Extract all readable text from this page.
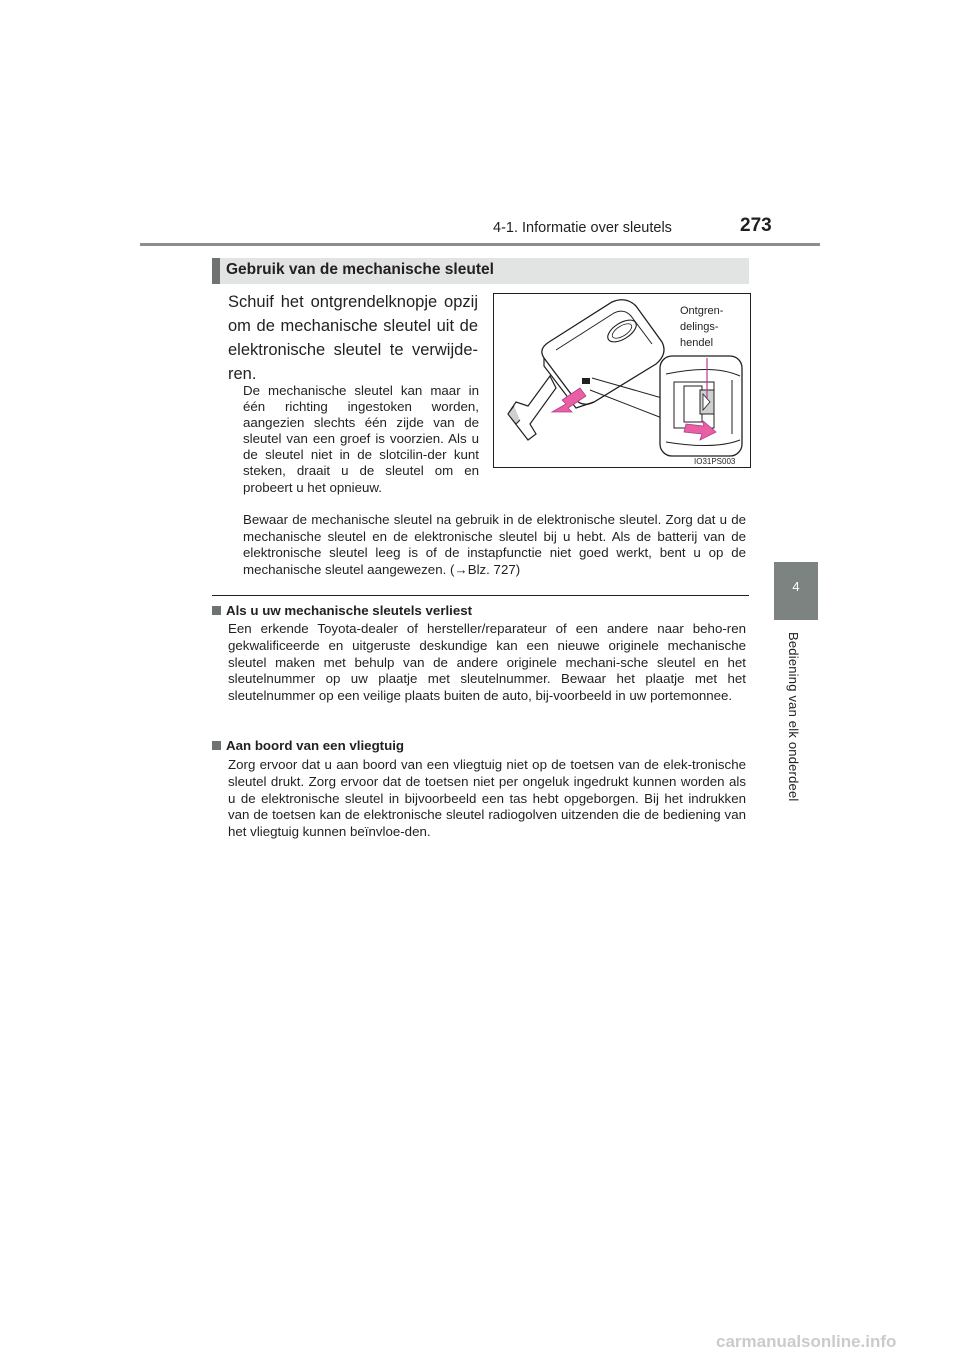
4-1. Informatie over sleutels	273
4
Bediening van elk onderdeel
Gebruik van de mechanische sleutel
Schuif het ontgrendelknopje opzij om de mechanische sleutel uit de elektronische sleutel te verwijde-ren.
De mechanische sleutel kan maar in één richting ingestoken worden, aangezien slechts één zijde van de sleutel van een groef is voorzien. Als u de sleutel niet in de slotcilin-der kunt steken, draait u de sleutel om en probeert u het opnieuw.
Ontgren-
delings-
hendel
IO31PS003
Bewaar de mechanische sleutel na gebruik in de elektronische sleutel. Zorg dat u de mechanische sleutel en de elektronische sleutel bij u hebt. Als de batterij van de elektronische sleutel leeg is of de instapfunctie niet goed werkt, bent u op de mechanische sleutel aangewezen. (→Blz. 727)
Als u uw mechanische sleutels verliest
Een erkende Toyota-dealer of hersteller/reparateur of een andere naar beho-ren gekwalificeerde en uitgeruste deskundige kan een nieuwe originele mechanische sleutel maken met behulp van de andere originele mechani-sche sleutel en het sleutelnummer op uw plaatje met sleutelnummer. Bewaar het plaatje met het sleutelnummer op een veilige plaats buiten de auto, bij-voorbeeld in uw portemonnee.
Aan boord van een vliegtuig
Zorg ervoor dat u aan boord van een vliegtuig niet op de toetsen van de elek-tronische sleutel drukt. Zorg ervoor dat de toetsen niet per ongeluk ingedrukt kunnen worden als u de elektronische sleutel in bijvoorbeeld een tas hebt opgeborgen. Bij het indrukken van de toetsen kan de elektronische sleutel radiogolven uitzenden die de bediening van het vliegtuig kunnen beïnvloe-den.
carmanualsonline.info
